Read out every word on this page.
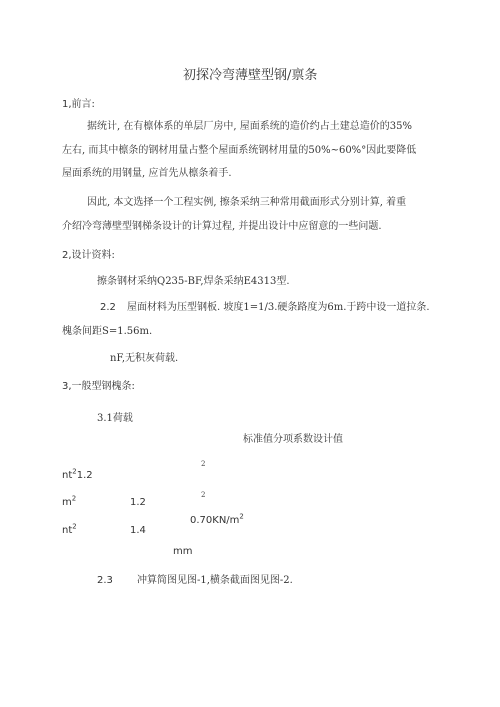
初探冷弯薄壁型钢/禀条
1,前言:
据统计, 在有檩体系的单层厂房中, 屋面系统的造价约占土建总造价的35%
左右, 而其中檩条的钢材用量占整个屋面系统钢材用量的50%~60%°因此要降低
屋面系统的用钢量, 应首先从檩条着手.
因此, 本文选择一个工程实例, 擦条采纳三种常用截面形式分别计算, 着重
介绍冷弯薄壁型钢梯条设计的计算过程, 并提出设计中应留意的一些问题.
2,设计资料:
擦条钢材采纳Q235-BF,焊条采纳E4313型.
2.2 屋面材料为压型钢板. 坡度1=1/3.硬条路度为6m.于跨中设一道拉条.
槐条间距S=1.56m.
nF,无积灰荷载.
3,一般型钢槐条:
3.1荷载
标准值分项系数设计值
2
$nt^21.2$
2
$m^2$	1.2
$nt^2$	1.4
$0.70KN/m^2$
mm
2.3 冲算简图见图-1,横条截面图见图-2.
